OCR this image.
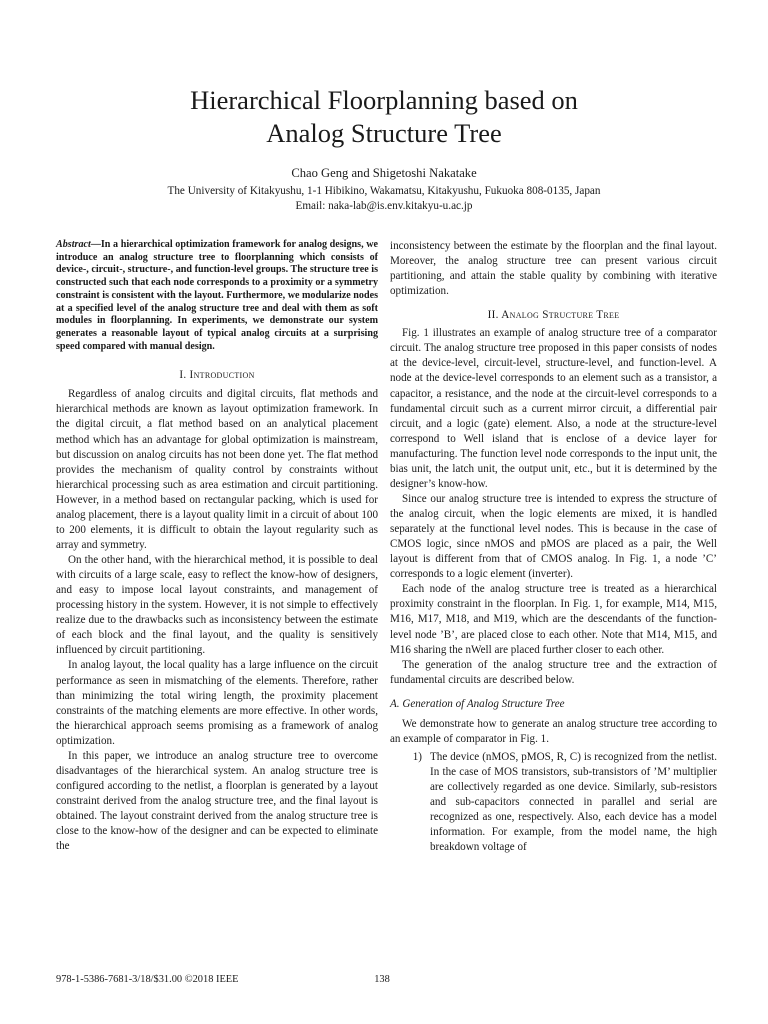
Hierarchical Floorplanning based on
Analog Structure Tree
Chao Geng and Shigetoshi Nakatake
The University of Kitakyushu, 1-1 Hibikino, Wakamatsu, Kitakyushu, Fukuoka 808-0135, Japan
Email: naka-lab@is.env.kitakyu-u.ac.jp

Abstract—In a hierarchical optimization framework for analog designs, we introduce an analog structure tree to floorplanning which consists of device-, circuit-, structure-, and function-level groups. The structure tree is constructed such that each node corresponds to a proximity or a symmetry constraint is consistent with the layout. Furthermore, we modularize nodes at a specified level of the analog structure tree and deal with them as soft modules in floorplanning. In experiments, we demonstrate our system generates a reasonable layout of typical analog circuits at a surprising speed compared with manual design.

I. Introduction

Regardless of analog circuits and digital circuits, flat methods and hierarchical methods are known as layout optimization framework. In the digital circuit, a flat method based on an analytical placement method which has an advantage for global optimization is mainstream, but discussion on analog circuits has not been done yet. The flat method provides the mechanism of quality control by constraints without hierarchical processing such as area estimation and circuit partitioning. However, in a method based on rectangular packing, which is used for analog placement, there is a layout quality limit in a circuit of about 100 to 200 elements, it is difficult to obtain the layout regularity such as array and symmetry.

On the other hand, with the hierarchical method, it is possible to deal with circuits of a large scale, easy to reflect the know-how of designers, and easy to impose local layout constraints, and management of processing history in the system. However, it is not simple to effectively realize due to the drawbacks such as inconsistency between the estimate of each block and the final layout, and the quality is sensitively influenced by circuit partitioning.

In analog layout, the local quality has a large influence on the circuit performance as seen in mismatching of the elements. Therefore, rather than minimizing the total wiring length, the proximity placement constraints of the matching elements are more effective. In other words, the hierarchical approach seems promising as a framework of analog optimization.

In this paper, we introduce an analog structure tree to overcome disadvantages of the hierarchical system. An analog structure tree is configured according to the netlist, a floorplan is generated by a layout constraint derived from the analog structure tree, and the final layout is obtained. The layout constraint derived from the analog structure tree is close to the know-how of the designer and can be expected to eliminate the

inconsistency between the estimate by the floorplan and the final layout. Moreover, the analog structure tree can present various circuit partitioning, and attain the stable quality by combining with iterative optimization.

II. Analog Structure Tree

Fig. 1 illustrates an example of analog structure tree of a comparator circuit. The analog structure tree proposed in this paper consists of nodes at the device-level, circuit-level, structure-level, and function-level. A node at the device-level corresponds to an element such as a transistor, a capacitor, a resistance, and the node at the circuit-level corresponds to a fundamental circuit such as a current mirror circuit, a differential pair circuit, and a logic (gate) element. Also, a node at the structure-level correspond to Well island that is enclose of a device layer for manufacturing. The function level node corresponds to the input unit, the bias unit, the latch unit, the output unit, etc., but it is determined by the designer’s know-how.

Since our analog structure tree is intended to express the structure of the analog circuit, when the logic elements are mixed, it is handled separately at the functional level nodes. This is because in the case of CMOS logic, since nMOS and pMOS are placed as a pair, the Well layout is different from that of CMOS analog. In Fig. 1, a node ’C’ corresponds to a logic element (inverter).

Each node of the analog structure tree is treated as a hierarchical proximity constraint in the floorplan. In Fig. 1, for example, M14, M15, M16, M17, M18, and M19, which are the descendants of the function-level node ’B’, are placed close to each other. Note that M14, M15, and M16 sharing the nWell are placed further closer to each other.

The generation of the analog structure tree and the extraction of fundamental circuits are described below.

A. Generation of Analog Structure Tree

We demonstrate how to generate an analog structure tree according to an example of comparator in Fig. 1.

1) The device (nMOS, pMOS, R, C) is recognized from the netlist. In the case of MOS transistors, sub-transistors of ’M’ multiplier are collectively regarded as one device. Similarly, sub-resistors and sub-capacitors connected in parallel and serial are recognized as one, respectively. Also, each device has a model information. For example, from the model name, the high breakdown voltage of

978-1-5386-7681-3/18/$31.00 ©2018 IEEE	138
